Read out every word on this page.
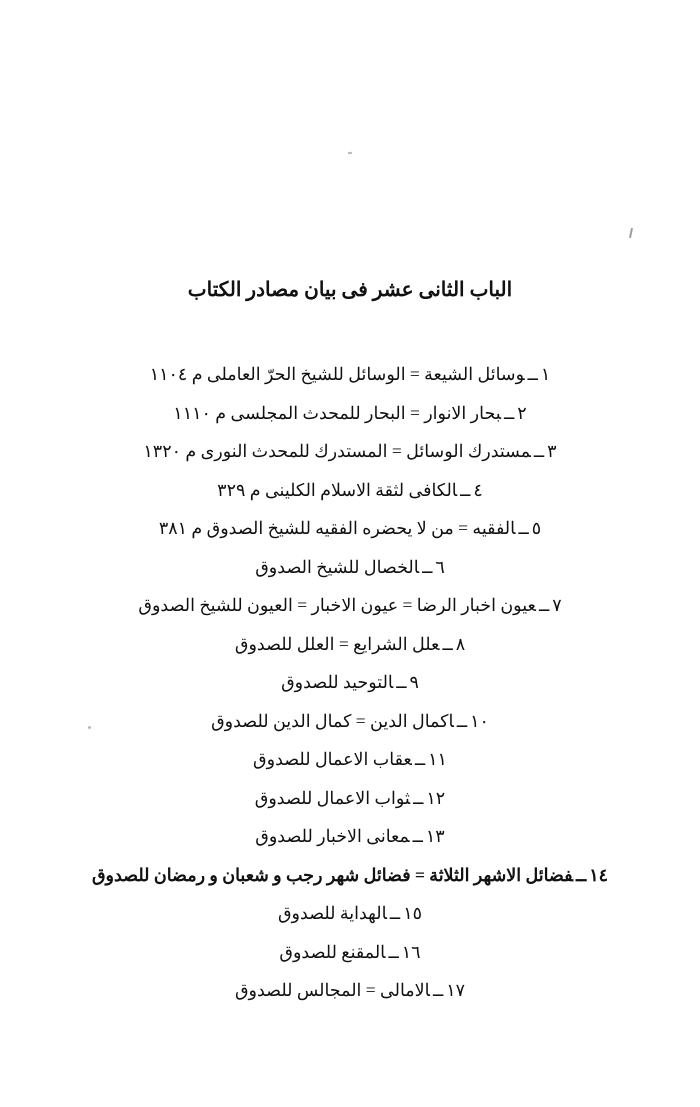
الباب الثانى عشر فى بيان مصادر الكتاب
١ــوسائل الشيعة = الوسائل للشيخ الحرّ العاملى م ١١٠٤
٢ــبحار الانوار = البحار للمحدث المجلسى م ١١١٠
٣ــمستدرك الوسائل = المستدرك للمحدث النورى م ١٣٢٠
٤ــالكافى لثقة الاسلام الكلينى م ٣٢٩
٥ــالفقيه = من لا يحضره الفقيه للشيخ الصدوق م ٣٨١
٦ــالخصال للشيخ الصدوق
٧ــعيون اخبار الرضا = عيون الاخبار = العيون للشيخ الصدوق
٨ــعلل الشرايع = العلل للصدوق
٩ــالتوحيد للصدوق
١٠ــاكمال الدين = كمال الدين للصدوق
١١ــعقاب الاعمال للصدوق
١٢ــثواب الاعمال للصدوق
١٣ــمعانى الاخبار للصدوق
١٤ــفضائل الاشهر الثلاثة = فضائل شهر رجب و شعبان و رمضان للصدوق
١٥ــالهداية للصدوق
١٦ــالمقنع للصدوق
١٧ــالامالى = المجالس للصدوق
